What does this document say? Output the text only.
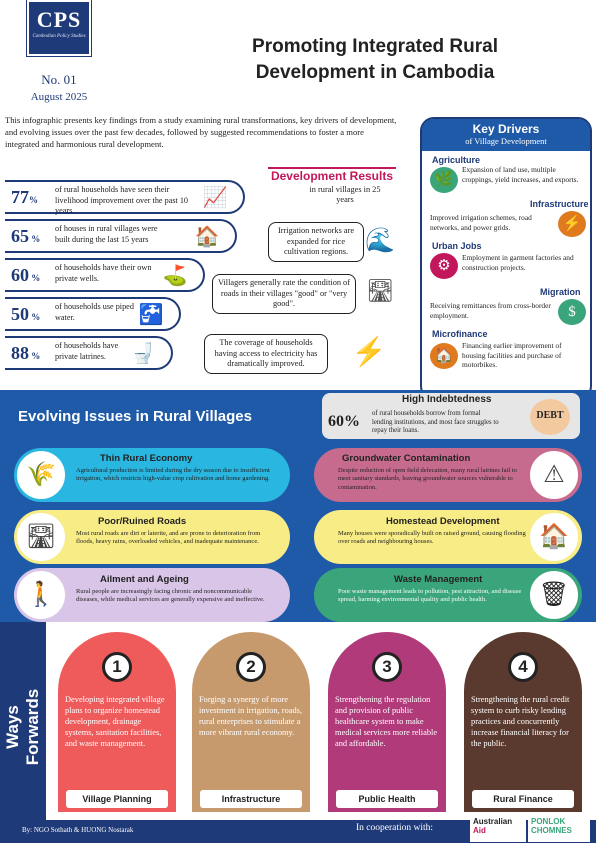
CPS
Cambodian Policy Studies
No. 01
August 2025
Promoting Integrated Rural
Development in Cambodia
This infographic presents key findings from a study examining rural transformations, key drivers of development, and evolving issues over the past few decades, followed by suggested recommendations to foster a more integrated and harmonious rural development.
77%
of rural households have seen their livelihood improvement over the past 10 years.
📈
65 %
of houses in rural villages were built during the last 15 years	🏠
60 %
of households have their own private wells.	⛳
50 %
of households use piped water.	🚰
88 %
of households have private latrines.	🚽
Development Results
in rural villages in 25 years
Irrigation networks are expanded for rice cultivation regions. 🌊
Villagers generally rate the condition of roads in their villages "good" or "very good".
🛣
The coverage of households having access to electricity has dramatically improved.	⚡
Key Drivers
of Village Development
Agriculture
🌿
Expansion of land use, multiple croppings, yield increases, and exports.
Infrastructure
Improved irrigation schemes, road networks, and power grids.	⚡
Urban Jobs
⚙
Employment in garment factories and construction projects.
Migration
Receiving remittances from cross-border employment.	$
Microfinance
🏠
Financing earlier improvement of housing facilities and purchase of motorbikes.
Evolving Issues in Rural Villages
High Indebtedness
60% of rural households borrow from formal lending institutions, and most face struggles to repay their loans.
DEBT
🌾
Thin Rural Economy
Agricultural production is limited during the dry season due to insufficient irrigation, which restricts high-value crop cultivation and home gardening.
Groundwater Contamination
Despite reduction of open field defecation, many rural latrines fail to meet sanitary standards, leaving groundwater sources vulnerable to contamination.	⚠
🛣
Poor/Ruined Roads
Most rural roads are dirt or laterite, and are prone to deterioration from floods, heavy rains, overloaded vehicles, and inadequate maintenance.
Homestead Development
Many houses were sporadically built on raised ground, causing flooding over roads and neighbouring houses.	🏠
🚶
Ailment and Ageing
Rural people are increasingly facing chronic and noncommunicable diseases, while medical services are generally expensive and ineffective.
Waste Management
Poor waste management leads to pollution, pest attraction, and disease spread, harming environmental quality and public health.	🗑
Ways Forwards
1
Developing integrated village plans to organize homestead development, drainage systems, sanitation facilities, and waste management.
Village Planning
2
Forging a synergy of more investment in irrigation, roads, rural enterprises to stimulate a more vibrant rural economy.
Infrastructure
3
Strengthening the regulation and provision of public healthcare system to make medical services more reliable and affordable.
Public Health
4
Strengthening the rural credit system to curb risky lending practices and concurrently increase financial literacy for the public.
Rural Finance
By: NGO Sothath & HUONG Nostarak	In cooperation with:
Australian
Aid
PONLOK
CHOMNES
